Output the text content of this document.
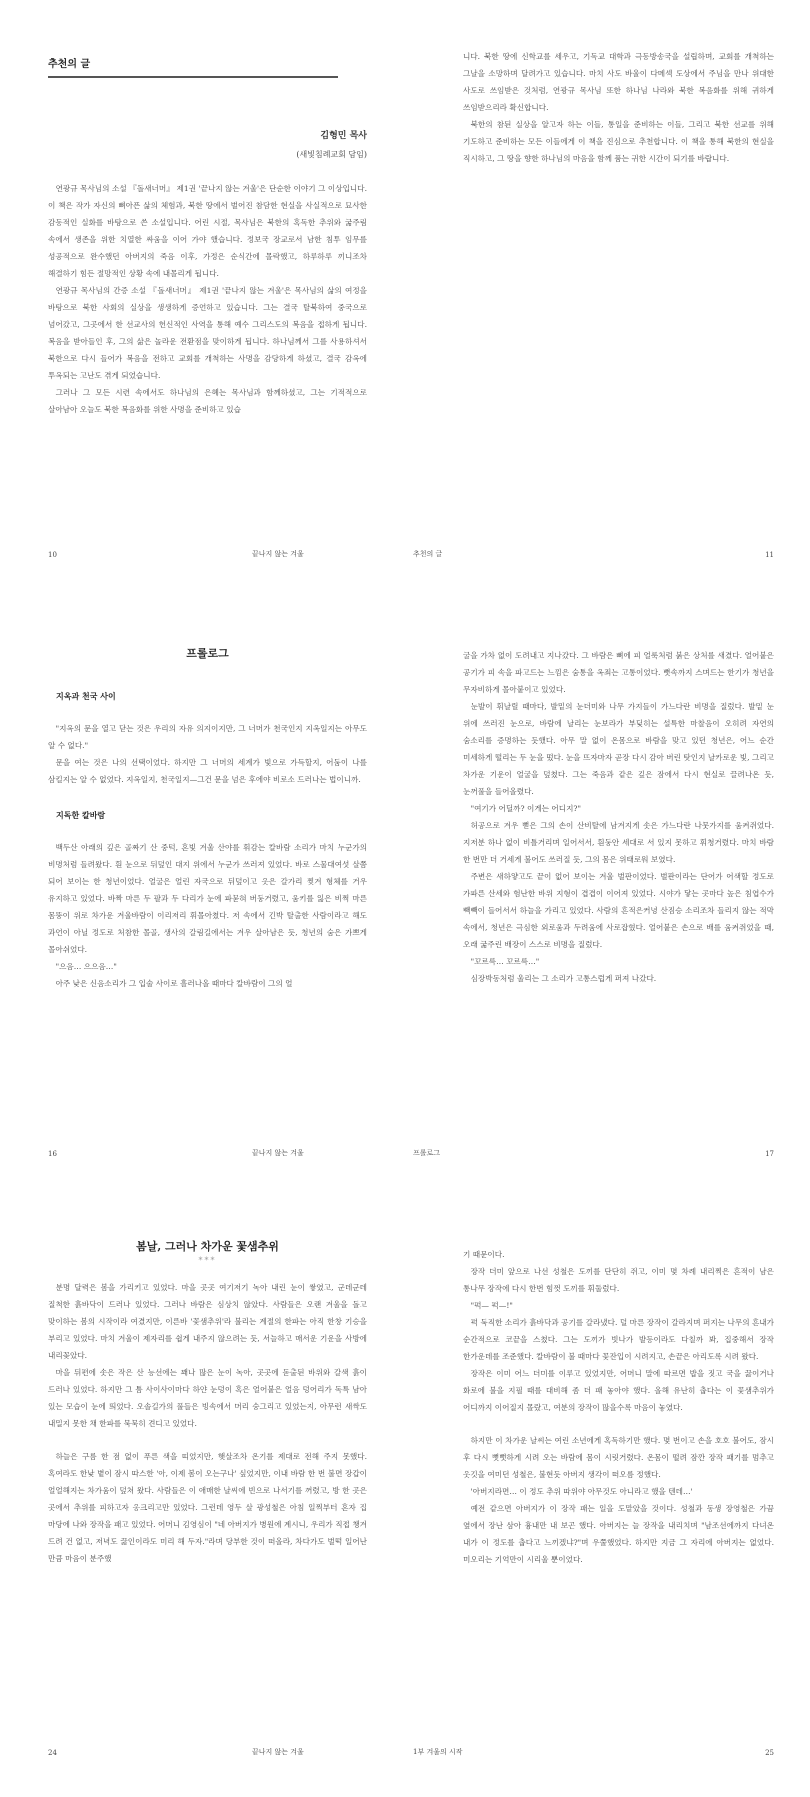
추천의 글
김형민 목사
(새빛침례교회 담임)

연광규 목사님의 소설 『돌새너머』 제1권 '끝나지 않는 겨울'은 단순한 이야기 그 이상입니다. 이 책은 작가 자신의 뼈아픈 삶의 체험과, 북한 땅에서 벌어진 참담한 현실을 사실적으로 묘사한 감동적인 실화를 바탕으로 쓴 소설입니다. 어린 시절, 목사님은 북한의 혹독한 추위와 굶주림 속에서 생존을 위한 치열한 싸움을 이어 가야 했습니다. 정보국 장교로서 남한 침투 임무를 성공적으로 완수했던 아버지의 죽음 이후, 가정은 순식간에 몰락했고, 하루하루 끼니조차 해결하기 힘든 절망적인 상황 속에 내몰리게 됩니다.

연광규 목사님의 간증 소설 『돌새너머』 제1권 '끝나지 않는 겨울'은 목사님의 삶의 여정을 바탕으로 북한 사회의 실상을 생생하게 증언하고 있습니다. 그는 결국 탈북하여 중국으로 넘어갔고, 그곳에서 한 선교사의 헌신적인 사역을 통해 예수 그리스도의 복음을 접하게 됩니다. 복음을 받아들인 후, 그의 삶은 놀라운 전환점을 맞이하게 됩니다. 하나님께서 그를 사용하셔서 북한으로 다시 들어가 복음을 전하고 교회를 개척하는 사명을 감당하게 하셨고, 결국 감옥에 투옥되는 고난도 겪게 되었습니다.

그러나 그 모든 시련 속에서도 하나님의 은혜는 목사님과 함께하셨고, 그는 기적적으로 살아남아 오늘도 북한 복음화를 위한 사명을 준비하고 있습

10	끝나지 않는 겨울

니다. 북한 땅에 신학교를 세우고, 기독교 대학과 극동방송국을 설립하며, 교회를 개척하는 그날을 소망하며 달려가고 있습니다. 마치 사도 바울이 다메섹 도상에서 주님을 만나 위대한 사도로 쓰임받은 것처럼, 연광규 목사님 또한 하나님 나라와 북한 복음화를 위해 귀하게 쓰임받으리라 확신합니다.

북한의 참된 실상을 알고자 하는 이들, 통일을 준비하는 이들, 그리고 북한 선교를 위해 기도하고 준비하는 모든 이들에게 이 책을 진심으로 추천합니다. 이 책을 통해 북한의 현실을 직시하고, 그 땅을 향한 하나님의 마음을 함께 품는 귀한 시간이 되기를 바랍니다.

추천의 글	11
프롤로그
지옥과 천국 사이

"지옥의 문을 열고 닫는 것은 우리의 자유 의지이지만, 그 너머가 천국인지 지옥일지는 아무도 알 수 없다."

문을 여는 것은 나의 선택이었다. 하지만 그 너머의 세계가 빛으로 가득할지, 어둠이 나를 삼킬지는 알 수 없었다. 지옥일지, 천국일지—그건 문을 넘은 후에야 비로소 드러나는 법이니까.

지독한 칼바람

백두산 아래의 깊은 골짜기 산 중턱, 혼빛 겨울 산야를 휘감는 칼바람 소리가 마치 누군가의 비명처럼 들려왔다. 흰 눈으로 뒤덮인 대지 위에서 누군가 쓰러져 있었다. 바로 스물대여섯 살쯤 되어 보이는 한 청년이었다. 얼굴은 얼린 자국으로 뒤덮이고 옷은 갈가리 찢겨 형체를 거우 유지하고 있었다. 바짝 마른 두 팔과 두 다리가 눈에 파묻혀 버둥거렸고, 움키를 잃은 비쩍 마른 몸뚱이 위로 차가운 겨울바람이 이리저리 휘몰아쳤다. 저 속에서 긴박 탈출한 사람이라고 해도 과언이 아닐 정도로 처참한 몰골, 생사의 갈림길에서는 겨우 살아남은 듯, 청년의 숨은 가쁘게 몰아쉬었다.

"으음… 으으음…"

아주 낮은 신음소리가 그 입술 사이로 흘러나올 때마다 칼바람이 그의 얼

16	끝나지 않는 겨울

굴을 가차 없이 도려내고 지나갔다. 그 바람은 뼈에 피 얼룩처럼 붉은 상처를 새겼다. 얼어붙은 공기가 피 속을 파고드는 느낌은 숨통을 옥죄는 고통이었다. 뼛속까지 스며드는 한기가 청년을 무자비하게 몰아붙이고 있었다.

눈발이 휘날릴 때마다, 발밑의 눈더미와 나무 가지들이 가느다란 비명을 질렀다. 발밑 눈 위에 쓰러진 눈으로, 바람에 날리는 눈보라가 부딪히는 설특한 마찰음이 오히려 자연의 숨소리를 증명하는 듯했다. 아무 말 없이 온몸으로 바람을 맞고 있던 청년은, 어느 순간 미세하게 떨리는 두 눈을 떴다. 눈을 뜨자마자 곧장 다시 감아 버린 탓인지 날카로운 빛, 그리고 차가운 기운이 얼굴을 덮쳤다. 그는 죽음과 같은 깊은 잠에서 다시 현실로 끌려나온 듯, 눈꺼풀을 들어올렸다.

"여기가 어딜까? 이게는 어디지?"

허공으로 겨우 뻗은 그의 손이 산비탈에 남겨지게 솟은 가느다란 나뭇가지를 움켜쥐었다. 지저분 하나 없이 비틀거리며 일어서서, 흰둥안 세대로 서 있지 못하고 휘청거렸다. 마치 바람 한 번만 더 거세게 불어도 쓰러질 듯, 그의 몸은 위태로워 보였다.

주변은 새하얗고도 끝이 없어 보이는 겨울 벌판이었다. 벌판이라는 단어가 어색할 정도로 가파른 산세와 험난한 바위 지형이 겹겹이 이어져 있었다. 시야가 닿는 곳마다 높은 침엽수가 빽빽이 들어서서 하늘을 가리고 있었다. 사람의 흔적은커녕 산짐승 소리조차 들리지 않는 적막 속에서, 청년은 극심한 외로움과 두려움에 사로잡혔다. 얼어붙은 손으로 배를 움켜쥐었을 때, 오래 굶주린 배장이 스스로 비명을 질렀다.

"꼬르륵… 꼬르륵…"

심장박동처럼 울리는 그 소리가 고통스럽게 퍼져 나갔다.

프롤로그	17
봄날, 그러나 차가운 꽃샘추위
***

분명 달력은 봄을 가리키고 있었다. 마을 곳곳 여기저기 녹아 내린 눈이 쌓였고, 군데군데 질척한 흙바닥이 드러나 있었다. 그러나 바람은 심상치 않았다. 사람들은 오랜 겨울을 돌고 맞이하는 봄의 시작이라 여겼지만, 이른바 '꽃샘추위'라 불리는 계절의 한파는 아직 한창 기승을 부리고 있었다. 마치 겨울이 제자리를 쉽게 내주지 않으려는 듯, 서늘하고 매서운 기운을 사방에 내리꽂았다.

마을 뒤편에 솟은 작은 산 능선에는 꽤나 많은 눈이 녹아, 곳곳에 돋출된 바위와 갈색 흙이 드러나 있었다. 하지만 그 틈 사이사이마다 하얀 눈덩이 혹은 얼어붙은 얼음 덩어리가 독특 남아 있는 모습이 눈에 띄었다. 오솔길가의 풀들은 빙속에서 머리 숭그리고 있었는지, 아무런 새싹도 내밀지 못한 채 한파를 묵묵히 견디고 있었다.

하늘은 구름 한 점 없이 푸른 색을 띠었지만, 햇살조차 온기를 제대로 전해 주지 못했다. 혹여라도 한낮 볕이 잠시 따스한 '아, 이제 봄이 오는구나' 싶었지만, 이내 바람 한 번 불면 장갑이 얼얼해지는 차가움이 덮쳐 왔다. 사람들은 이 애매한 날씨에 빈으로 나서기를 꺼렸고, 방 한 곳은 곳에서 추위를 피하고자 옹크리고만 있었다. 그런데 영두 살 광성철은 아침 일찍부터 혼자 집 마당에 나와 장작을 패고 있었다. 어머니 김영심이 "네 아버지가 병원에 계시니, 우리가 직접 챙겨 드려 건 없고, 저녁도 끓인이라도 미리 해 두자."라며 당부한 것이 떠올라, 차다가도 벌떡 일어난 만큼 마음이 분주했

24	끝나지 않는 겨울

기 때문이다.

장작 더미 앞으로 나선 성철은 도끼를 단단히 쥐고, 이미 몇 차례 내리찍은 흔적이 남은 통나무 장작에 다시 한번 힘껏 도끼를 휘둘렀다.

"퍽— 퍽—!"

퍽 둑직한 소리가 흙바닥과 공기를 갈라냈다. 덜 마른 장작이 갈라지며 퍼지는 나무의 흔내가 순간적으로 코끝을 스쳤다. 그는 도끼가 빗나가 발등이라도 다칠까 봐, 집중해서 장작 한가운데를 조준했다. 칼바람이 불 때마다 꽃잔입이 시려지고, 손끝은 아리도록 시려 왔다.

장작은 이미 어느 더미를 이루고 있었지만, 어머니 말에 따르면 밥을 짓고 국을 끓이거나 화로에 불을 지필 때를 대비해 좀 더 패 놓아야 했다. 올해 유난히 춥다는 이 꽃샘추위가 어디까지 이어질지 몰랐고, 여분의 장작이 많을수록 마음이 놓였다.

하지만 이 차가운 날씨는 여린 소년에게 혹독하기만 했다. 몇 번이고 손을 호호 불어도, 잠시 후 다시 뻣뻣하게 시려 오는 바람에 몸이 시릿거렸다. 온몸이 떨려 잠깐 장작 패기를 멈추고 옷깃을 여미던 성철은, 불현듯 아버지 생각이 떠오름 정했다.

'아버지라면… 이 정도 추위 따위야 아무것도 아니라고 했을 텐데…'

예전 같으면 아버지가 이 장작 패는 일을 도맡았을 것이다. 성철과 동생 장영철은 가끔 옆에서 장난 삼아 흉내만 내 보곤 했다. 아버지는 늘 장작을 내리치며 "남조선에까지 다녀온 내가 이 정도를 춥다고 느끼겠냐?"며 우쭐했었다. 하지만 지금 그 자리에 아버지는 없었다. 미오리는 기억만이 시리울 뿐이었다.

1부 겨울의 시작	25
